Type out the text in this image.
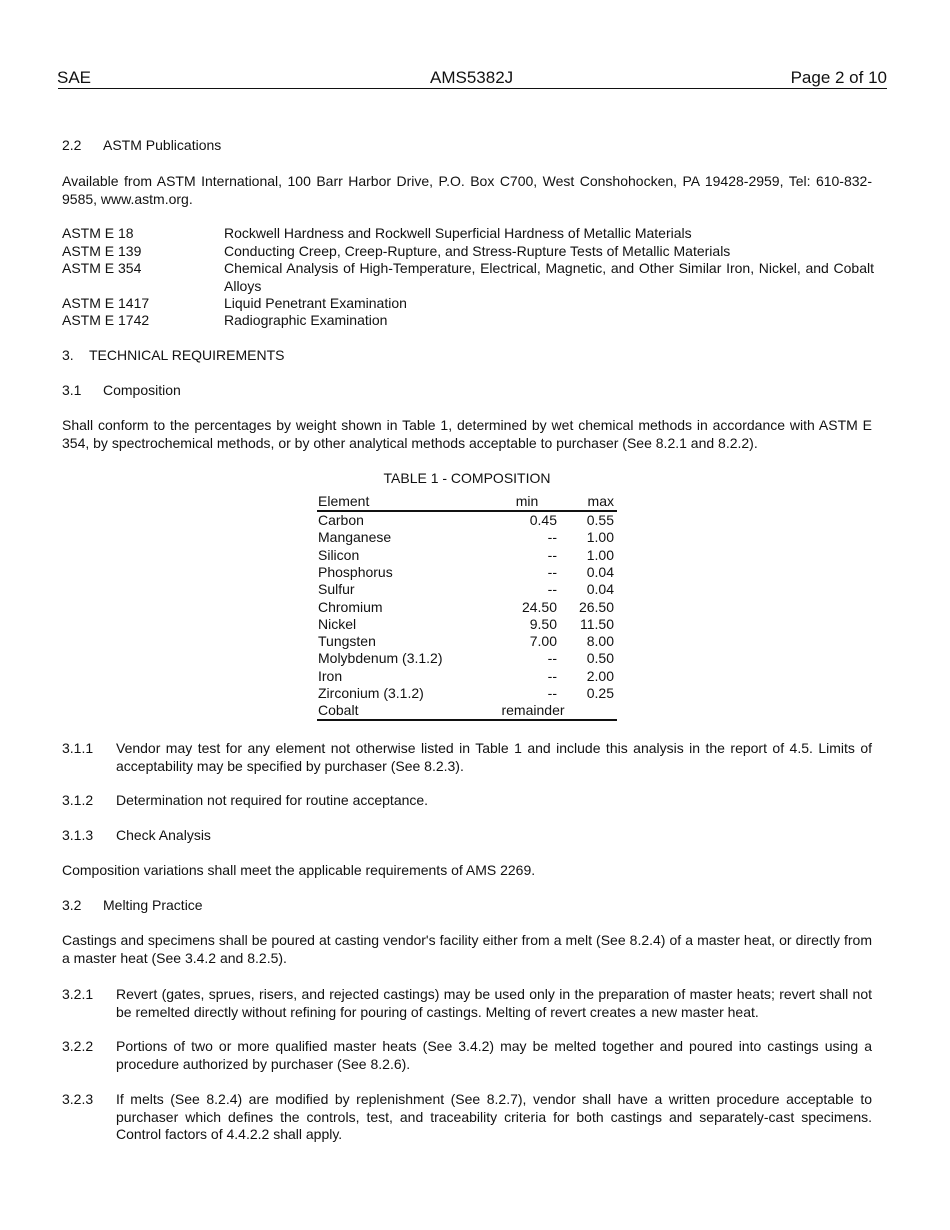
SAE	AMS5382J	Page 2 of 10
2.2 ASTM Publications
Available from ASTM International, 100 Barr Harbor Drive, P.O. Box C700, West Conshohocken, PA 19428-2959, Tel: 610-832-9585, www.astm.org.
ASTM E 18	Rockwell Hardness and Rockwell Superficial Hardness of Metallic Materials
ASTM E 139	Conducting Creep, Creep-Rupture, and Stress-Rupture Tests of Metallic Materials
ASTM E 354	Chemical Analysis of High-Temperature, Electrical, Magnetic, and Other Similar Iron, Nickel, and Cobalt Alloys
ASTM E 1417	Liquid Penetrant Examination
ASTM E 1742	Radiographic Examination
3. TECHNICAL REQUIREMENTS
3.1 Composition
Shall conform to the percentages by weight shown in Table 1, determined by wet chemical methods in accordance with ASTM E 354, by spectrochemical methods, or by other analytical methods acceptable to purchaser (See 8.2.1 and 8.2.2).
TABLE 1 - COMPOSITION
Element	min	max
Carbon	0.45	0.55
Manganese	--	1.00
Silicon	--	1.00
Phosphorus	--	0.04
Sulfur	--	0.04
Chromium	24.50	26.50
Nickel	9.50	11.50
Tungsten	7.00	8.00
Molybdenum (3.1.2)	--	0.50
Iron	--	2.00
Zirconium (3.1.2)	--	0.25
Cobalt	remainder
3.1.1 Vendor may test for any element not otherwise listed in Table 1 and include this analysis in the report of 4.5. Limits of acceptability may be specified by purchaser (See 8.2.3).
3.1.2 Determination not required for routine acceptance.
3.1.3 Check Analysis
Composition variations shall meet the applicable requirements of AMS 2269.
3.2 Melting Practice
Castings and specimens shall be poured at casting vendor's facility either from a melt (See 8.2.4) of a master heat, or directly from a master heat (See 3.4.2 and 8.2.5).
3.2.1 Revert (gates, sprues, risers, and rejected castings) may be used only in the preparation of master heats; revert shall not be remelted directly without refining for pouring of castings. Melting of revert creates a new master heat.
3.2.2 Portions of two or more qualified master heats (See 3.4.2) may be melted together and poured into castings using a procedure authorized by purchaser (See 8.2.6).
3.2.3 If melts (See 8.2.4) are modified by replenishment (See 8.2.7), vendor shall have a written procedure acceptable to purchaser which defines the controls, test, and traceability criteria for both castings and separately-cast specimens. Control factors of 4.4.2.2 shall apply.
